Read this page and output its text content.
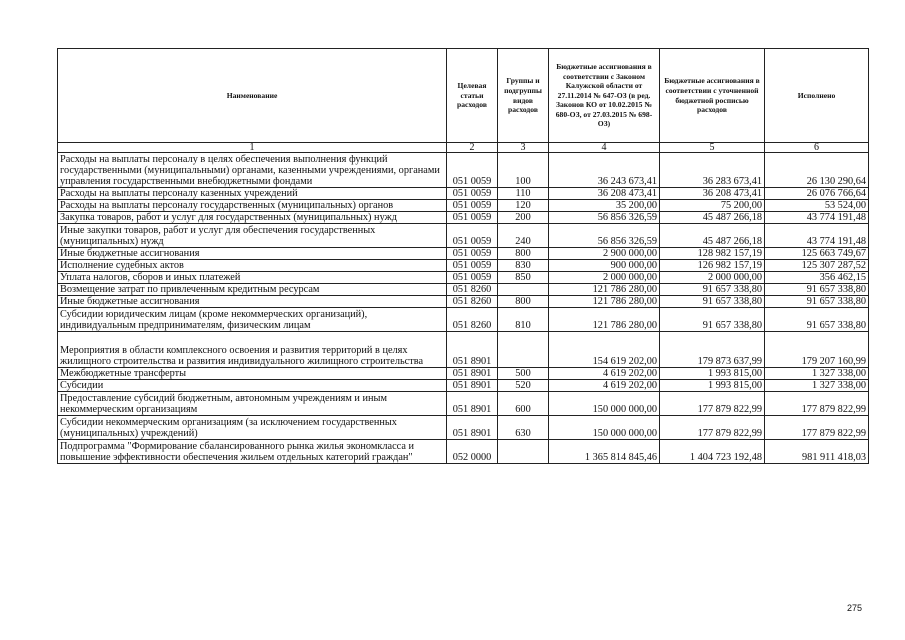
Наименование	Целевая статьи расходов	Группы и подгруппы видов расходов	Бюджетные ассигнования в соответствии с Законом Калужской области от 27.11.2014 № 647-ОЗ (в ред. Законов КО от 10.02.2015 № 680-ОЗ, от 27.03.2015 № 698-ОЗ)	Бюджетные ассигнования в соответствии с уточненной бюджетной росписью расходов	Исполнено
1	2	3	4	5	6
Расходы на выплаты персоналу в целях обеспечения выполнения функций государственными (муниципальными) органами, казенными учреждениями, органами управления государственными внебюджетными фондами	051 0059	100	36 243 673,41	36 283 673,41	26 130 290,64
Расходы на выплаты персоналу казенных учреждений	051 0059	110	36 208 473,41	36 208 473,41	26 076 766,64
Расходы на выплаты персоналу государственных (муниципальных) органов	051 0059	120	35 200,00	75 200,00	53 524,00
Закупка товаров, работ и услуг для государственных (муниципальных) нужд	051 0059	200	56 856 326,59	45 487 266,18	43 774 191,48
Иные закупки товаров, работ и услуг для обеспечения государственных (муниципальных) нужд	051 0059	240	56 856 326,59	45 487 266,18	43 774 191,48
Иные бюджетные ассигнования	051 0059	800	2 900 000,00	128 982 157,19	125 663 749,67
Исполнение судебных актов	051 0059	830	900 000,00	126 982 157,19	125 307 287,52
Уплата налогов, сборов и иных платежей	051 0059	850	2 000 000,00	2 000 000,00	356 462,15
Возмещение затрат по привлеченным кредитным ресурсам	051 8260		121 786 280,00	91 657 338,80	91 657 338,80
Иные бюджетные ассигнования	051 8260	800	121 786 280,00	91 657 338,80	91 657 338,80
Субсидии юридическим лицам (кроме некоммерческих организаций), индивидуальным предпринимателям, физическим лицам	051 8260	810	121 786 280,00	91 657 338,80	91 657 338,80
Мероприятия в области комплексного освоения и развития территорий в целях жилищного строительства и развития индивидуального жилищного строительства	051 8901		154 619 202,00	179 873 637,99	179 207 160,99
Межбюджетные трансферты	051 8901	500	4 619 202,00	1 993 815,00	1 327 338,00
Субсидии	051 8901	520	4 619 202,00	1 993 815,00	1 327 338,00
Предоставление субсидий бюджетным, автономным учреждениям и иным некоммерческим организациям	051 8901	600	150 000 000,00	177 879 822,99	177 879 822,99
Субсидии некоммерческим организациям (за исключением государственных (муниципальных) учреждений)	051 8901	630	150 000 000,00	177 879 822,99	177 879 822,99
Подпрограмма "Формирование сбалансированного рынка жилья экономкласса и повышение эффективности обеспечения жильем отдельных категорий граждан"	052 0000		1 365 814 845,46	1 404 723 192,48	981 911 418,03
275
